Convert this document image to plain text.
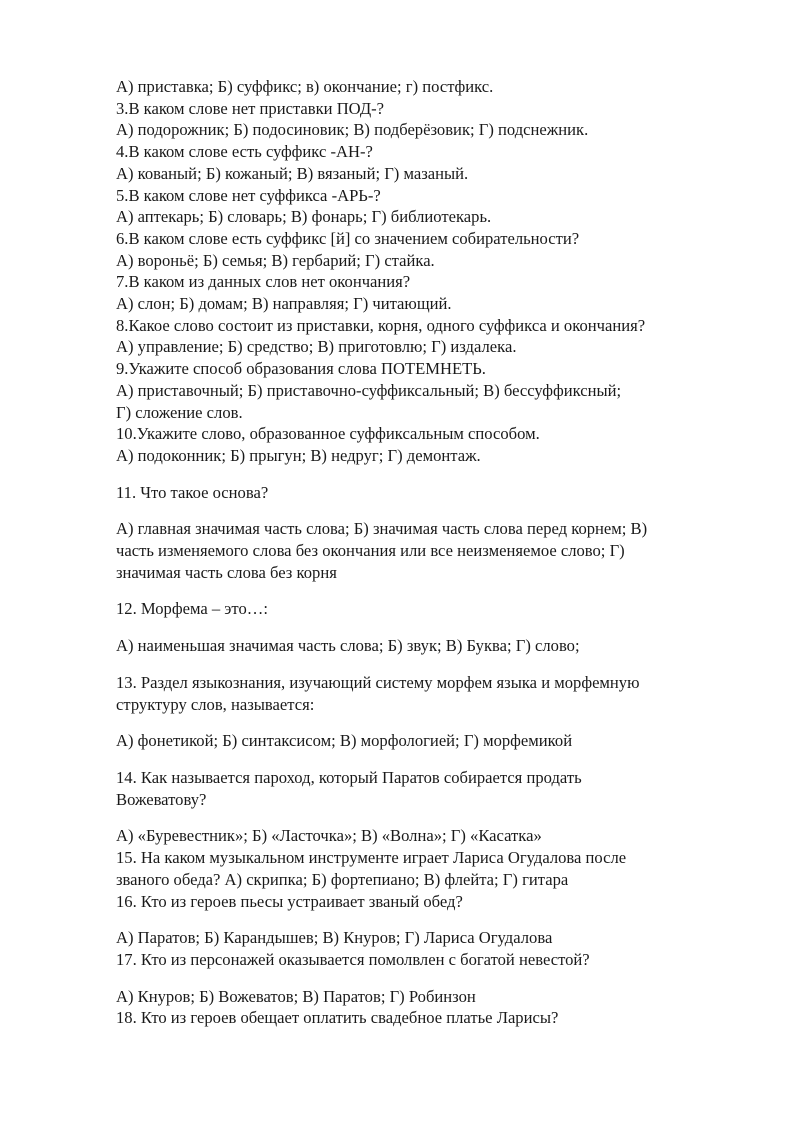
А) приставка; Б) суффикс; в) окончание; г) постфикс.
3.В каком слове нет приставки ПОД-?
А) подорожник; Б) подосиновик; В) подберёзовик; Г) подснежник.
4.В каком слове есть суффикс -АН-?
А) кованый; Б) кожаный; В) вязаный; Г) мазаный.
5.В каком слове нет суффикса -АРЬ-?
А) аптекарь; Б) словарь; В) фонарь; Г) библиотекарь.
6.В каком слове есть суффикс [й] со значением собирательности?
А) вороньё; Б) семья; В) гербарий; Г) стайка.
7.В каком из данных слов нет окончания?
А) слон; Б) домам; В) направляя; Г) читающий.
8.Какое слово состоит из приставки, корня, одного суффикса и окончания?
А) управление; Б) средство; В) приготовлю; Г) издалека.
9.Укажите способ образования слова ПОТЕМНЕТЬ.
А) приставочный; Б) приставочно-суффиксальный; В) бессуффиксный;
Г) сложение слов.
10.Укажите слово, образованное суффиксальным способом.
А) подоконник; Б) прыгун; В) недруг; Г) демонтаж.
11. Что такое основа?
А) главная значимая часть слова; Б) значимая часть слова перед корнем; В)
часть изменяемого слова без окончания или все неизменяемое слово; Г)
значимая часть слова без корня
12. Морфема – это…:
А) наименьшая значимая часть слова; Б) звук; В) Буква; Г) слово;
13. Раздел языкознания, изучающий систему морфем языка и морфемную
структуру слов, называется:
А) фонетикой; Б) синтаксисом; В) морфологией; Г) морфемикой
14. Как называется пароход, который Паратов собирается продать
Вожеватову?
А) «Буревестник»; Б) «Ласточка»; В) «Волна»; Г) «Касатка»
15. На каком музыкальном инструменте играет Лариса Огудалова после
званого обеда? А) скрипка; Б) фортепиано; В) флейта; Г) гитара
16. Кто из героев пьесы устраивает званый обед?
А) Паратов; Б) Карандышев; В) Кнуров; Г) Лариса Огудалова
17. Кто из персонажей оказывается помолвлен с богатой невестой?
А) Кнуров; Б) Вожеватов; В) Паратов; Г) Робинзон
18. Кто из героев обещает оплатить свадебное платье Ларисы?
